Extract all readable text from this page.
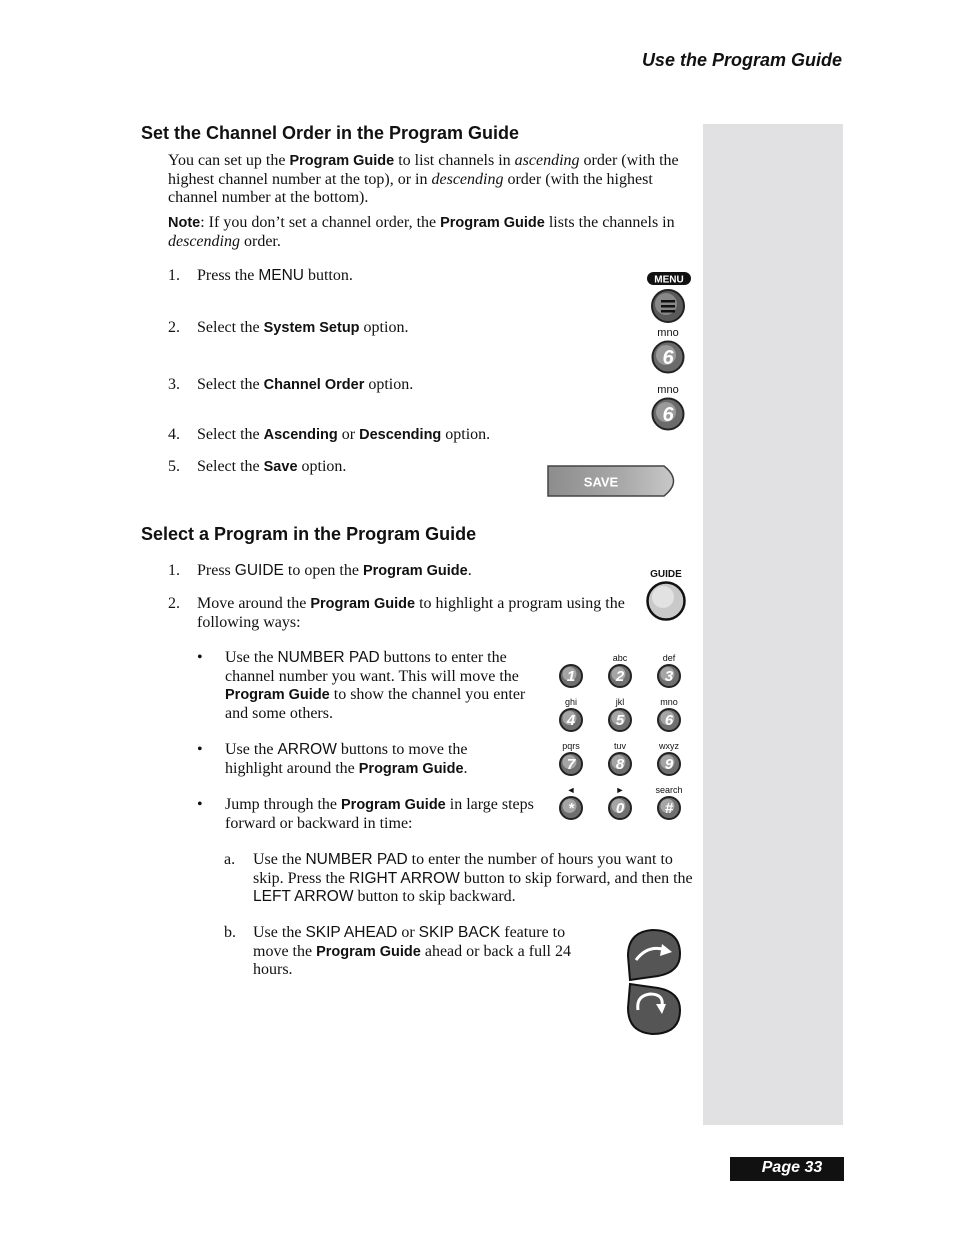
Use the Program Guide
Set the Channel Order in the Program Guide
You can set up the Program Guide to list channels in ascending order (with the highest channel number at the top), or in descending order (with the highest channel number at the bottom).
Note: If you don’t set a channel order, the Program Guide lists the channels in descending order.
1.	Press the MENU button.
2.	Select the System Setup option.
3.	Select the Channel Order option.
4.	Select the Ascending or Descending option.
5.	Select the Save option.
MENU
mno
6
mno
6
SAVE
Select a Program in the Program Guide
1.	Press GUIDE to open the Program Guide.
2.	Move around the Program Guide to highlight a program using the following ways:
GUIDE
• Use the NUMBER PAD buttons to enter the channel number you want. This will move the Program Guide to show the channel you enter and some others.
• Use the ARROW buttons to move the highlight around the Program Guide.
• Jump through the Program Guide in large steps forward or backward in time:
1
abc
2
def
3
ghi
4
jkl
5
mno
6
pqrs
7
tuv
8
wxyz
9
◄
*
►
0
search
#
a. Use the NUMBER PAD to enter the number of hours you want to skip. Press the RIGHT ARROW button to skip forward, and then the LEFT ARROW button to skip backward.
b. Use the SKIP AHEAD or SKIP BACK feature to move the Program Guide ahead or back a full 24 hours.
Page 33
